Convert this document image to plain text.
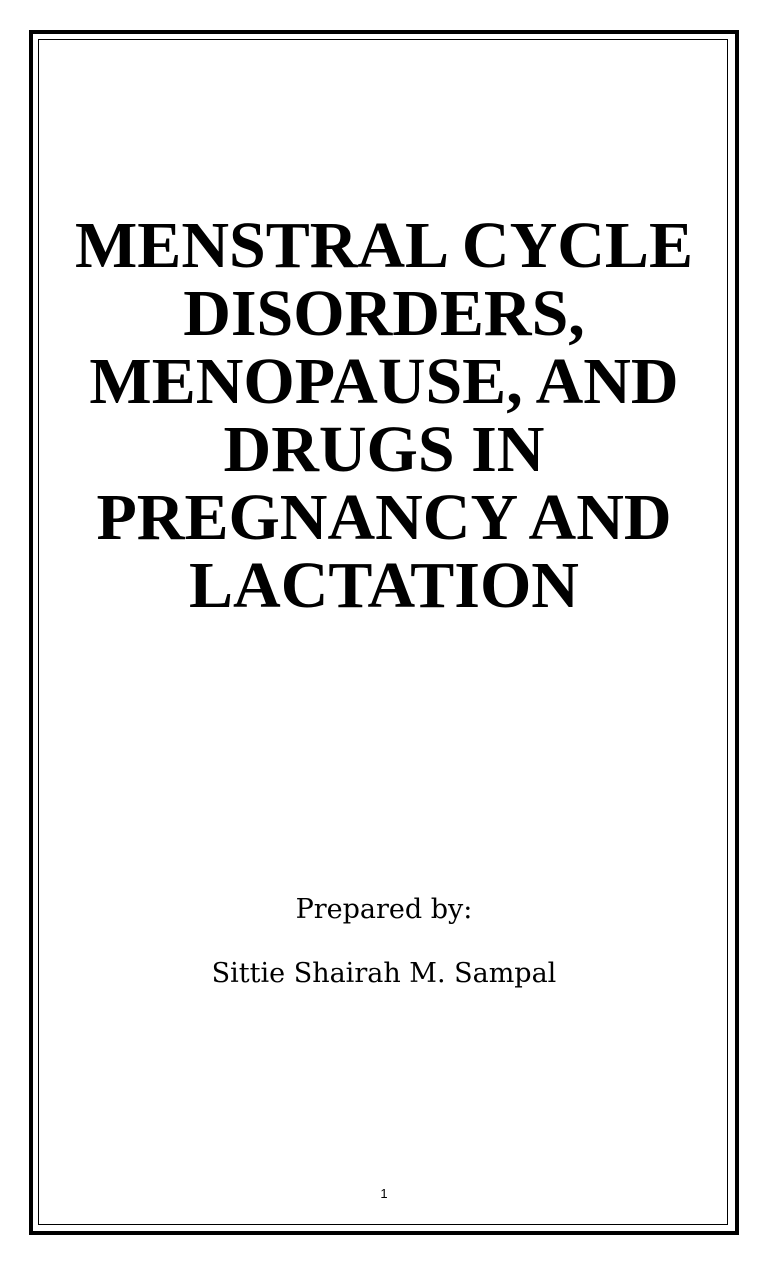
MENSTRAL CYCLE
DISORDERS,
MENOPAUSE, AND
DRUGS IN
PREGNANCY AND
LACTATION
Prepared by:
Sittie Shairah M. Sampal
1
